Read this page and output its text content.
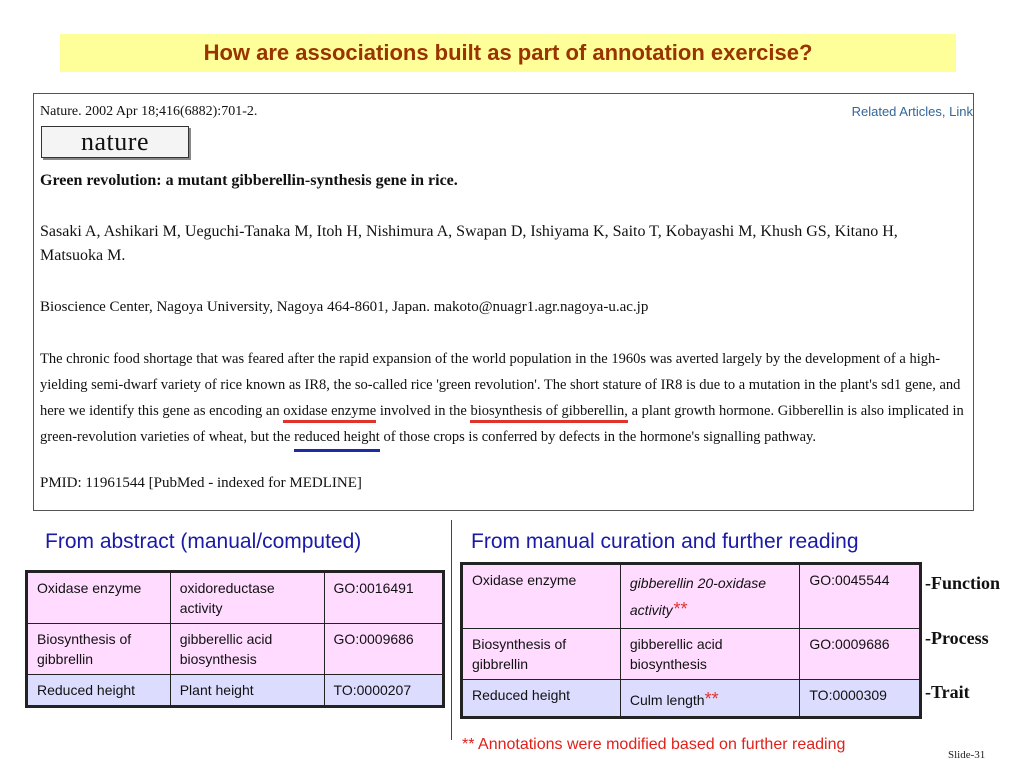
How are associations built as part of annotation exercise?
Nature. 2002 Apr 18;416(6882):701-2.	Related Articles, Link
nature
Green revolution: a mutant gibberellin-synthesis gene in rice.
Sasaki A, Ashikari M, Ueguchi-Tanaka M, Itoh H, Nishimura A, Swapan D, Ishiyama K, Saito T, Kobayashi M, Khush GS, Kitano H, Matsuoka M.
Bioscience Center, Nagoya University, Nagoya 464-8601, Japan. makoto@nuagr1.agr.nagoya-u.ac.jp
The chronic food shortage that was feared after the rapid expansion of the world population in the 1960s was averted largely by the development of a high-yielding semi-dwarf variety of rice known as IR8, the so-called rice 'green revolution'. The short stature of IR8 is due to a mutation in the plant's sd1 gene, and here we identify this gene as encoding an oxidase enzyme involved in the biosynthesis of gibberellin, a plant growth hormone. Gibberellin is also implicated in green-revolution varieties of wheat, but the reduced height of those crops is conferred by defects in the hormone's signalling pathway.
PMID: 11961544 [PubMed - indexed for MEDLINE]
From abstract (manual/computed)	From manual curation and further reading
Oxidase enzyme	oxidoreductase activity	GO:0016491
Biosynthesis of gibbrellin	gibberellic acid biosynthesis	GO:0009686
Reduced height	Plant height	TO:0000207
Oxidase enzyme	gibberellin 20-oxidase activity**	GO:0045544
Biosynthesis of gibbrellin	gibberellic acid biosynthesis	GO:0009686
Reduced height	Culm length**	TO:0000309
-Function
-Process
-Trait
** Annotations were modified based on further reading
Slide-31
